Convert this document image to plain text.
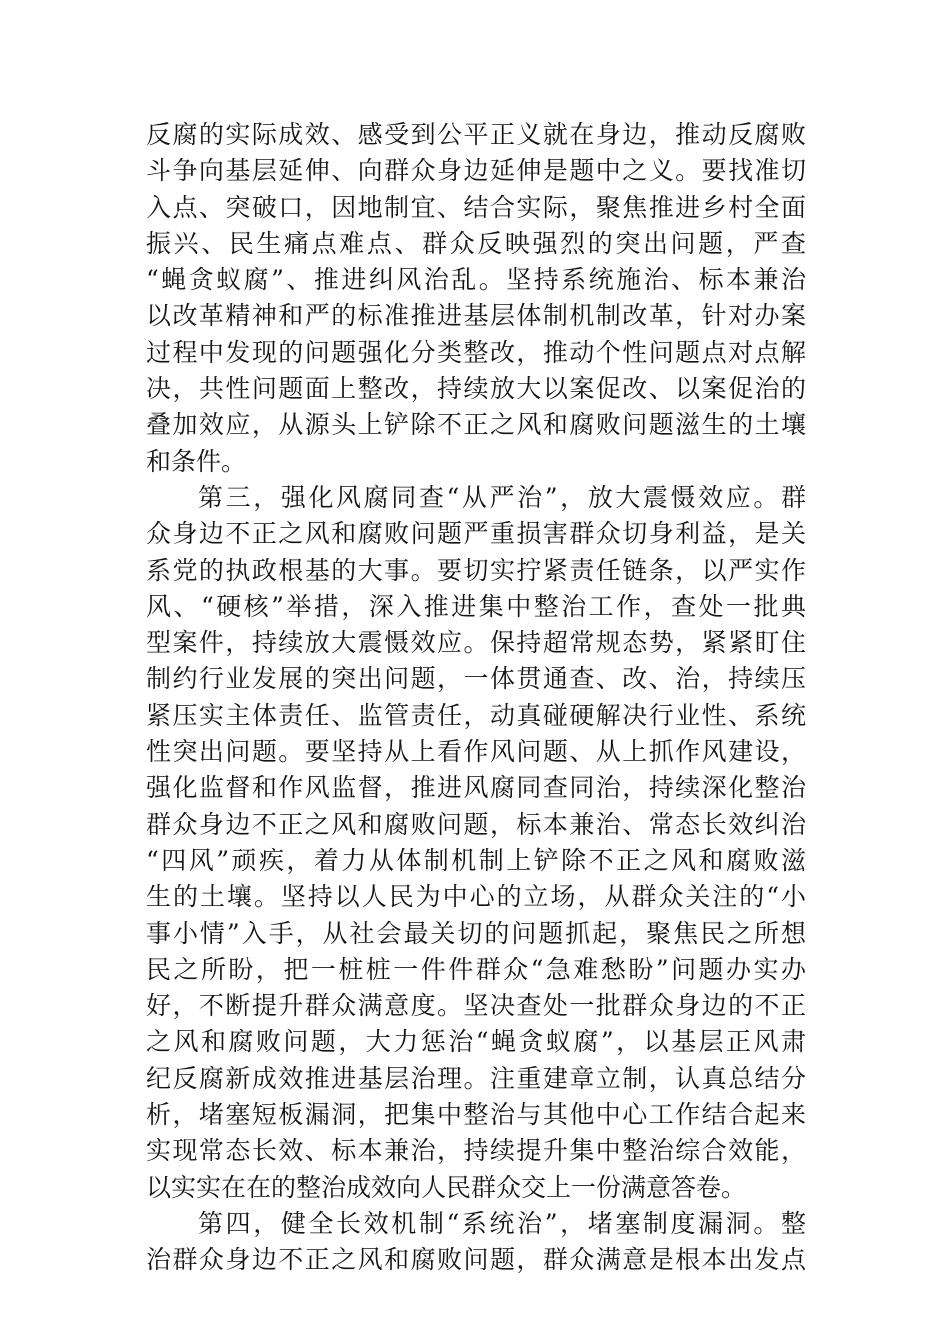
反腐的实际成效、感受到公平正义就在身边，推动反腐败
斗争向基层延伸、向群众身边延伸是题中之义。要找准切
入点、突破口，因地制宜、结合实际，聚焦推进乡村全面
振兴、民生痛点难点、群众反映强烈的突出问题，严查
“蝇贪蚁腐”、推进纠风治乱。坚持系统施治、标本兼治
以改革精神和严的标准推进基层体制机制改革，针对办案
过程中发现的问题强化分类整改，推动个性问题点对点解
决，共性问题面上整改，持续放大以案促改、以案促治的
叠加效应，从源头上铲除不正之风和腐败问题滋生的土壤
和条件。
第三，强化风腐同查“从严治”，放大震慑效应。群
众身边不正之风和腐败问题严重损害群众切身利益，是关
系党的执政根基的大事。要切实拧紧责任链条，以严实作
风、“硬核”举措，深入推进集中整治工作，查处一批典
型案件，持续放大震慑效应。保持超常规态势，紧紧盯住
制约行业发展的突出问题，一体贯通查、改、治，持续压
紧压实主体责任、监管责任，动真碰硬解决行业性、系统
性突出问题。要坚持从上看作风问题、从上抓作风建设，
强化监督和作风监督，推进风腐同查同治，持续深化整治
群众身边不正之风和腐败问题，标本兼治、常态长效纠治
“四风”顽疾，着力从体制机制上铲除不正之风和腐败滋
生的土壤。坚持以人民为中心的立场，从群众关注的“小
事小情”入手，从社会最关切的问题抓起，聚焦民之所想
民之所盼，把一桩桩一件件群众“急难愁盼”问题办实办
好，不断提升群众满意度。坚决查处一批群众身边的不正
之风和腐败问题，大力惩治“蝇贪蚁腐”，以基层正风肃
纪反腐新成效推进基层治理。注重建章立制，认真总结分
析，堵塞短板漏洞，把集中整治与其他中心工作结合起来
实现常态长效、标本兼治，持续提升集中整治综合效能，
以实实在在的整治成效向人民群众交上一份满意答卷。
第四，健全长效机制“系统治”，堵塞制度漏洞。整
治群众身边不正之风和腐败问题，群众满意是根本出发点
